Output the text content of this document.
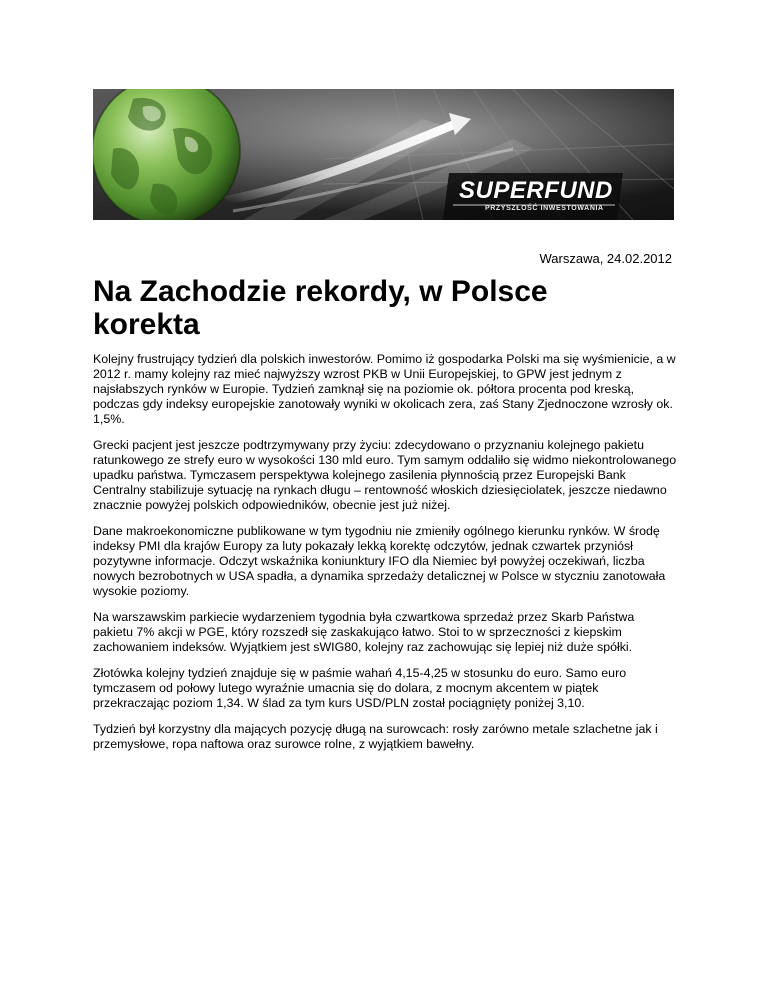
SUPERFUND
PRZYSZŁOŚĆ INWESTOWANIA
Warszawa, 24.02.2012
Na Zachodzie rekordy, w Polsce korekta

Kolejny frustrujący tydzień dla polskich inwestorów. Pomimo iż gospodarka Polski ma się wyśmienicie, a w 2012 r. mamy kolejny raz mieć najwyższy wzrost PKB w Unii Europejskiej, to GPW jest jednym z najsłabszych rynków w Europie. Tydzień zamknął się na poziomie ok. półtora procenta pod kreską, podczas gdy indeksy europejskie zanotowały wyniki w okolicach zera, zaś Stany Zjednoczone wzrosły ok. 1,5%.

Grecki pacjent jest jeszcze podtrzymywany przy życiu: zdecydowano o przyznaniu kolejnego pakietu ratunkowego ze strefy euro w wysokości 130 mld euro. Tym samym oddaliło się widmo niekontrolowanego upadku państwa. Tymczasem perspektywa kolejnego zasilenia płynnością przez Europejski Bank Centralny stabilizuje sytuację na rynkach długu – rentowność włoskich dziesięciolatek, jeszcze niedawno znacznie powyżej polskich odpowiedników, obecnie jest już niżej.

Dane makroekonomiczne publikowane w tym tygodniu nie zmieniły ogólnego kierunku rynków. W środę indeksy PMI dla krajów Europy za luty pokazały lekką korektę odczytów, jednak czwartek przyniósł pozytywne informacje. Odczyt wskaźnika koniunktury IFO dla Niemiec był powyżej oczekiwań, liczba nowych bezrobotnych w USA spadła, a dynamika sprzedaży detalicznej w Polsce w styczniu zanotowała wysokie poziomy.

Na warszawskim parkiecie wydarzeniem tygodnia była czwartkowa sprzedaż przez Skarb Państwa pakietu 7% akcji w PGE, który rozszedł się zaskakująco łatwo. Stoi to w sprzeczności z kiepskim zachowaniem indeksów. Wyjątkiem jest sWIG80, kolejny raz zachowując się lepiej niż duże spółki.

Złotówka kolejny tydzień znajduje się w paśmie wahań 4,15-4,25 w stosunku do euro. Samo euro tymczasem od połowy lutego wyraźnie umacnia się do dolara, z mocnym akcentem w piątek przekraczając poziom 1,34. W ślad za tym kurs USD/PLN został pociągnięty poniżej 3,10.

Tydzień był korzystny dla mających pozycję długą na surowcach: rosły zarówno metale szlachetne jak i przemysłowe, ropa naftowa oraz surowce rolne, z wyjątkiem bawełny.
